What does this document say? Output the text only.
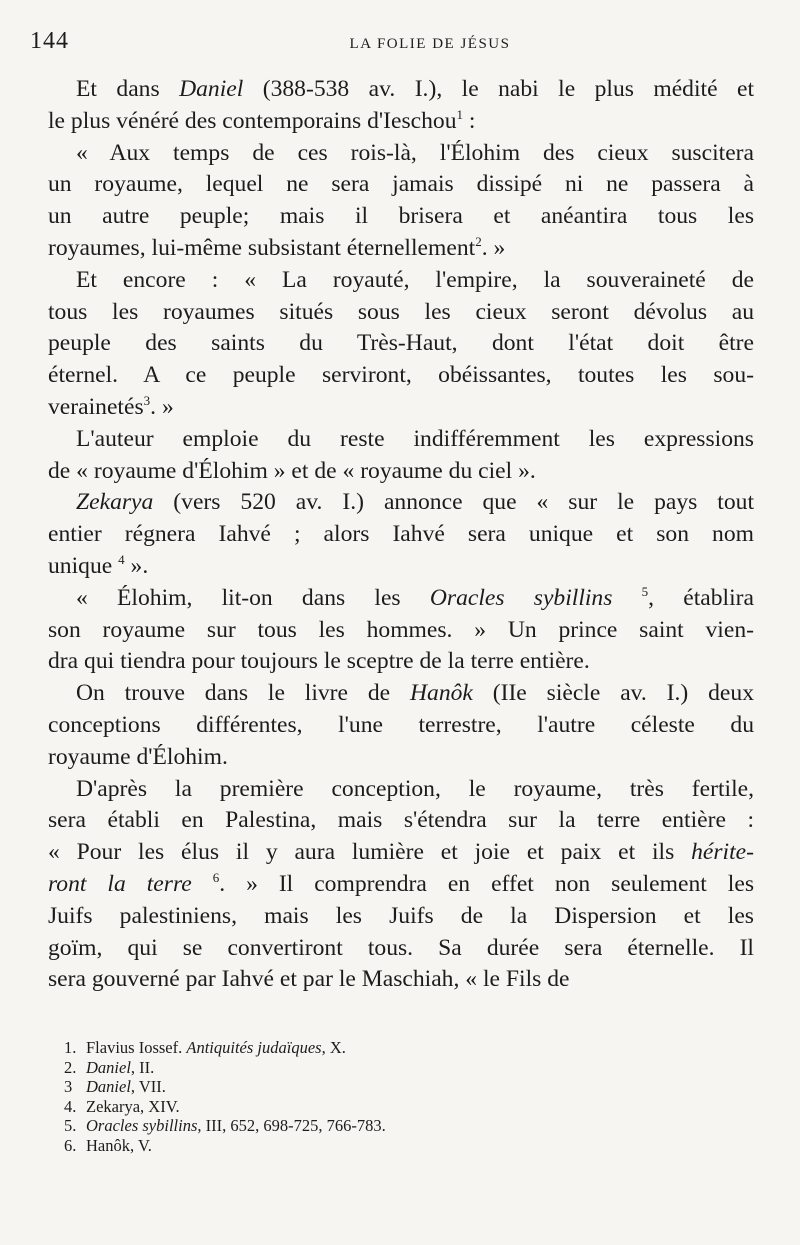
144	LA FOLIE DE JÉSUS

Et dans Daniel (388-538 av. I.), le nabi le plus médité et
le plus vénéré des contemporains d'Ieschou$^1$ :

« Aux temps de ces rois-là, l'Élohim des cieux suscitera
un royaume, lequel ne sera jamais dissipé ni ne passera à
un autre peuple; mais il brisera et anéantira tous les
royaumes, lui-même subsistant éternellement$^2$. »

Et encore : « La royauté, l'empire, la souveraineté de
tous les royaumes situés sous les cieux seront dévolus au
peuple des saints du Très-Haut, dont l'état doit être
éternel. A ce peuple serviront, obéissantes, toutes les sou-
verainetés$^3$. »

L'auteur emploie du reste indifféremment les expressions
de « royaume d'Élohim » et de « royaume du ciel ».

Zekarya (vers 520 av. I.) annonce que « sur le pays tout
entier régnera Iahvé ; alors Iahvé sera unique et son nom
unique $^4$ ».

« Élohim, lit-on dans les Oracles sybillins $^5$, établira
son royaume sur tous les hommes. » Un prince saint vien-
dra qui tiendra pour toujours le sceptre de la terre entière.

On trouve dans le livre de Hanôk (IIe siècle av. I.) deux
conceptions différentes, l'une terrestre, l'autre céleste du
royaume d'Élohim.

D'après la première conception, le royaume, très fertile,
sera établi en Palestina, mais s'étendra sur la terre entière :
« Pour les élus il y aura lumière et joie et paix et ils hérite-
ront la terre $^6$. » Il comprendra en effet non seulement les
Juifs palestiniens, mais les Juifs de la Dispersion et les
goïm, qui se convertiront tous. Sa durée sera éternelle. Il
sera gouverné par Iahvé et par le Maschiah, « le Fils de

1. Flavius Iossef. Antiquités judaïques, X.
2. Daniel, II.
3 Daniel, VII.
4. Zekarya, XIV.
5. Oracles sybillins, III, 652, 698-725, 766-783.
6. Hanôk, V.
